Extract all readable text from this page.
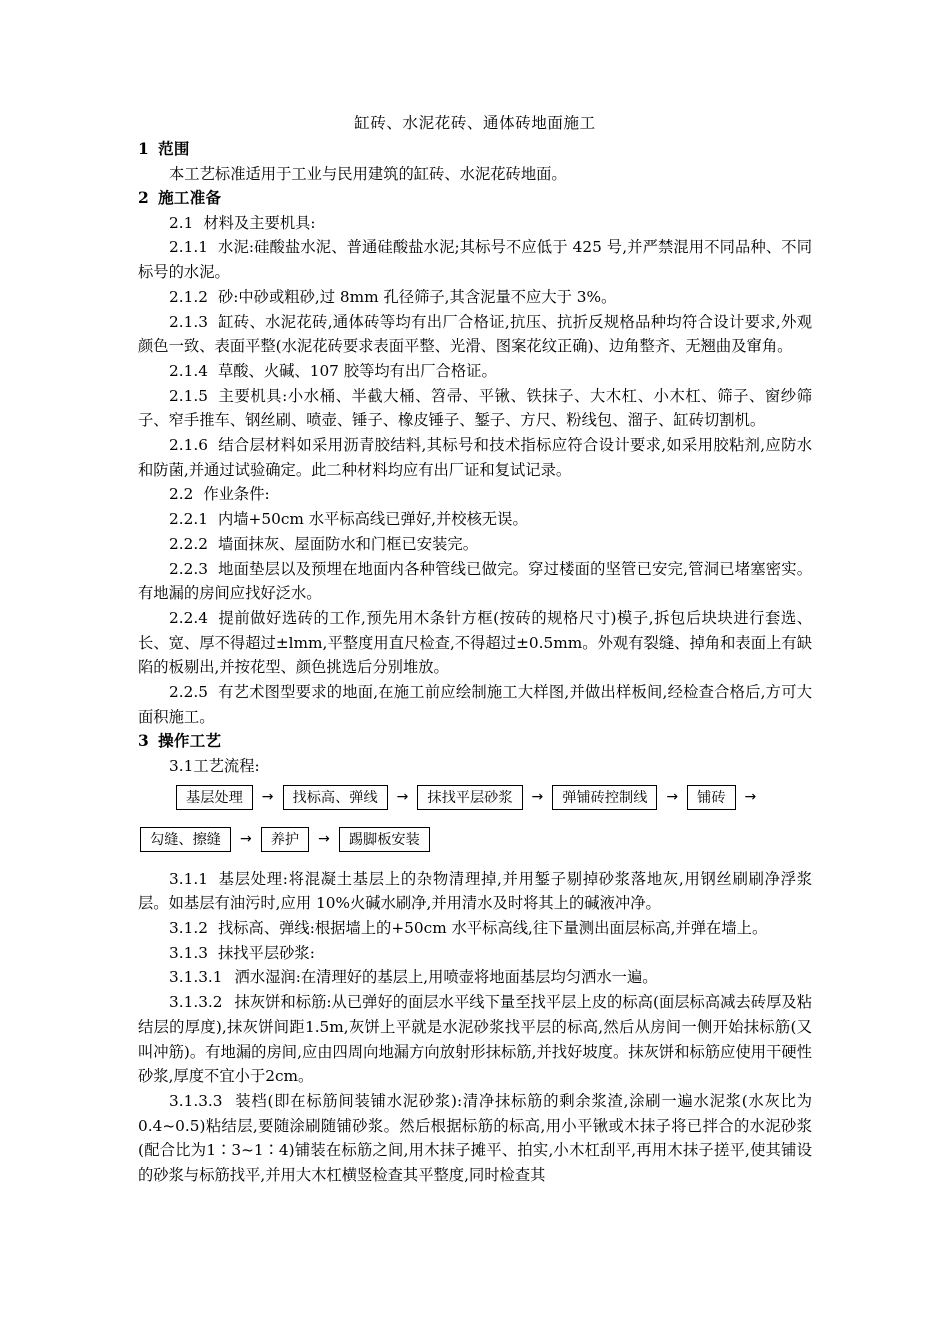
缸砖、水泥花砖、通体砖地面施工
1 范围
本工艺标准适用于工业与民用建筑的缸砖、水泥花砖地面。
2 施工准备
2.1 材料及主要机具:
2.1.1 水泥:硅酸盐水泥、普通硅酸盐水泥;其标号不应低于 425 号,并严禁混用不同品种、不同标号的水泥。
2.1.2 砂:中砂或粗砂,过 8mm 孔径筛子,其含泥量不应大于 3%。
2.1.3 缸砖、水泥花砖,通体砖等均有出厂合格证,抗压、抗折反规格品种均符合设计要求,外观颜色一致、表面平整(水泥花砖要求表面平整、光滑、图案花纹正确)、边角整齐、无翘曲及窜角。
2.1.4 草酸、火碱、107 胶等均有出厂合格证。
2.1.5 主要机具:小水桶、半截大桶、笤帚、平锹、铁抹子、大木杠、小木杠、筛子、窗纱筛子、窄手推车、钢丝刷、喷壶、锤子、橡皮锤子、錾子、方尺、粉线包、溜子、缸砖切割机。
2.1.6 结合层材料如采用沥青胶结料,其标号和技术指标应符合设计要求,如采用胶粘剂,应防水和防菌,并通过试验确定。此二种材料均应有出厂证和复试记录。
2.2 作业条件:
2.2.1 内墙+50cm 水平标高线已弹好,并校核无误。
2.2.2 墙面抹灰、屋面防水和门框已安装完。
2.2.3 地面垫层以及预埋在地面内各种管线已做完。穿过楼面的坚管已安完,管洞已堵塞密实。有地漏的房间应找好泛水。
2.2.4 提前做好选砖的工作,预先用木条针方框(按砖的规格尺寸)模子,拆包后块块进行套选、长、宽、厚不得超过±lmm,平整度用直尺检查,不得超过±0.5mm。外观有裂缝、掉角和表面上有缺陷的板剔出,并按花型、颜色挑选后分别堆放。
2.2.5 有艺术图型要求的地面,在施工前应绘制施工大样图,并做出样板间,经检查合格后,方可大面积施工。
3 操作工艺
3.1工艺流程:
基层处理	→	找标高、弹线	→	抹找平层砂浆	→	弹铺砖控制线	→	铺砖	→
勾缝、擦缝	→	养护	→	踢脚板安装
3.1.1 基层处理:将混凝土基层上的杂物清理掉,并用錾子剔掉砂浆落地灰,用钢丝刷刷净浮浆层。如基层有油污时,应用 10%火碱水刷净,并用清水及时将其上的碱液冲净。
3.1.2 找标高、弹线:根据墙上的+50cm 水平标高线,往下量测出面层标高,并弹在墙上。
3.1.3 抹找平层砂浆:
3.1.3.1 洒水湿润:在清理好的基层上,用喷壶将地面基层均匀洒水一遍。
3.1.3.2 抹灰饼和标筋:从已弹好的面层水平线下量至找平层上皮的标高(面层标高减去砖厚及粘结层的厚度),抹灰饼间距1.5m,灰饼上平就是水泥砂浆找平层的标高,然后从房间一侧开始抹标筋(又叫冲筋)。有地漏的房间,应由四周向地漏方向放射形抹标筋,并找好坡度。抹灰饼和标筋应使用干硬性砂浆,厚度不宜小于2cm。
3.1.3.3 装档(即在标筋间装铺水泥砂浆):清净抹标筋的剩余浆渣,涂刷一遍水泥浆(水灰比为0.4~0.5)粘结层,要随涂刷随铺砂浆。然后根据标筋的标高,用小平锹或木抹子将已拌合的水泥砂浆(配合比为1∶3~1∶4)铺装在标筋之间,用木抹子摊平、拍实,小木杠刮平,再用木抹子搓平,使其铺设的砂浆与标筋找平,并用大木杠横竖检查其平整度,同时检查其
